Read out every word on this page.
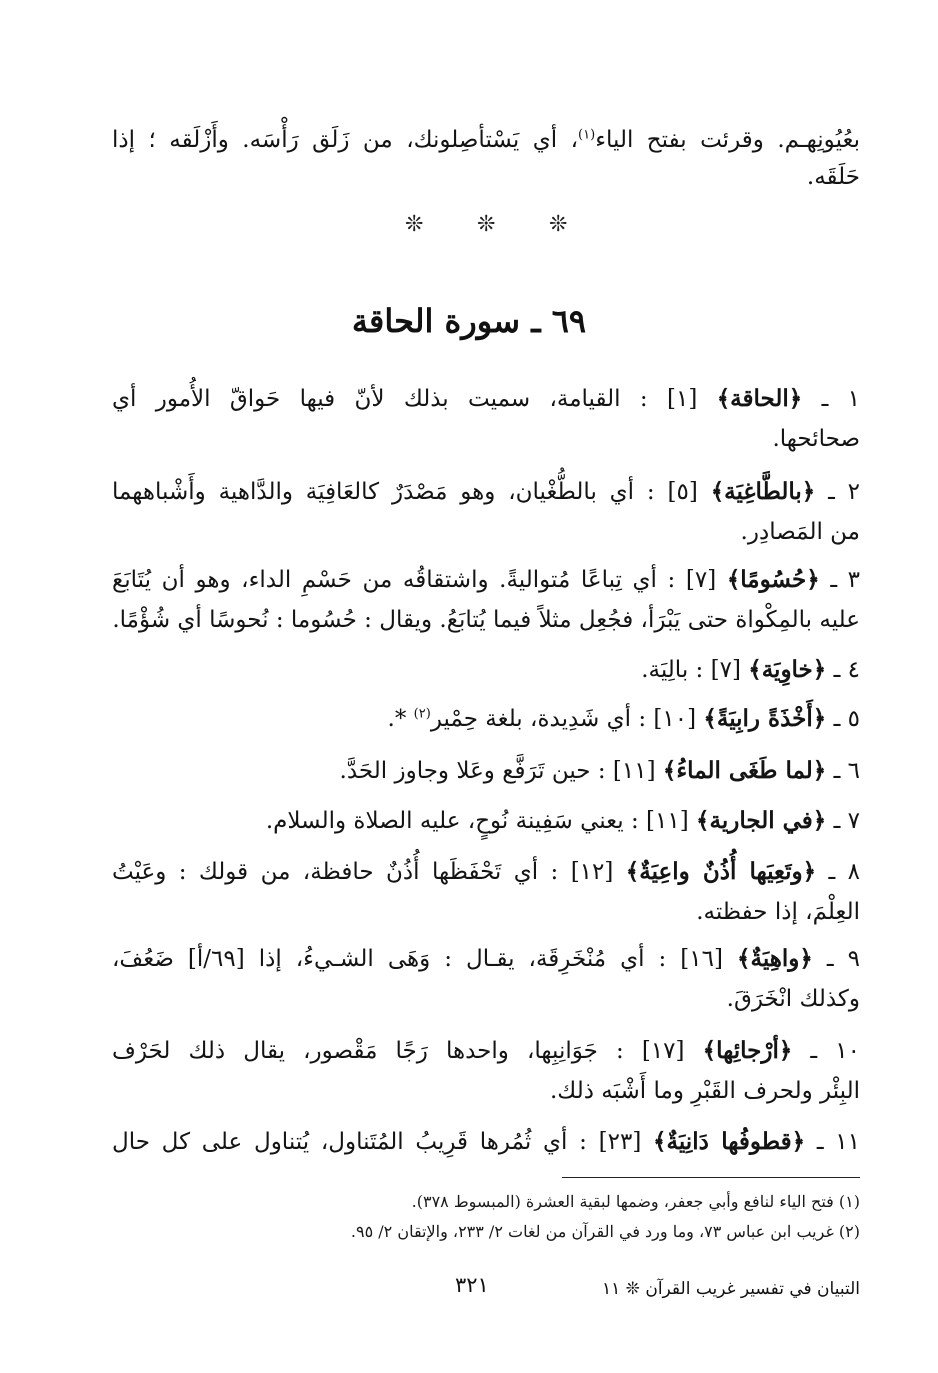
بعُيُونِهـم. وقرئت بفتح الياء$^{(١)}$، أي يَسْتأصِلونك، من زَلَق رَأْسَه. وأَزْلَقه ؛ إذا
حَلَقَه.
❊ ❊ ❊
٦٩ ـ سورة الحاقة
١ ـ ﴿الحاقة﴾ [١] : القيامة، سميت بذلك لأنّ فيها حَواقّ الأُمور أي
صحائحها.
٢ ـ ﴿بالطَّاغِيَة﴾ [٥] : أي بالطُّغْيان، وهو مَصْدَرٌ كالعَافِيَة والدَّاهية وأَشْباههما
من المَصادِر.
٣ ـ ﴿حُسُومًا﴾ [٧] : أي تِباعًا مُتواليةً. واشتقاقُه من حَسْمِ الداء، وهو أن يُتَابَعَ
عليه بالمِكْواة حتى يَبْرَأ، فجُعِل مثلاً فيما يُتابَعُ. ويقال : حُسُوما : نُحوسًا أي شُؤْمًا.
٤ ـ ﴿خاوِيَة﴾ [٧] : بالِيَة.
٥ ـ ﴿أَخْذَةً رابِيَةً﴾ [١٠] : أي شَدِيدة، بلغة حِمْير$^{(٢)}$ *.
٦ ـ ﴿لما طَغَى الماءُ﴾ [١١] : حين تَرَفَّع وعَلا وجاوز الحَدَّ.
٧ ـ ﴿في الجارية﴾ [١١] : يعني سَفِينة نُوحٍ، عليه الصلاة والسلام.
٨ ـ ﴿وتَعِيَها أُذُنٌ واعِيَةٌ﴾ [١٢] : أي تَحْفَظَها أُذُنٌ حافظة، من قولك : وعَيْتُ
العِلْمَ، إذا حفظته.
٩ ـ ﴿واهِيَةٌ﴾ [١٦] : أي مُنْخَرِقَة، يقـال : وَهَى الشـيءُ، إذا [٦٩/أ] ضَعُفَ،
وكذلك انْخَرَقَ.
١٠ ـ ﴿أرْجائِها﴾ [١٧] : جَوَانِبِها، واحدها رَجًا مَقْصور، يقال ذلك لحَرْف
البِئْر ولحرف القَبْرِ وما أَشْبَه ذلك.
١١ ـ ﴿قطوفُها دَانِيَةٌ﴾ [٢٣] : أي ثُمُرها قَرِيبُ المُتَناول، يُتناول على كل حال
(١) فتح الياء لنافع وأبي جعفر، وضمها لبقية العشرة (المبسوط ٣٧٨).
(٢) غريب ابن عباس ٧٣، وما ورد في القرآن من لغات ٢/ ٢٣٣، والإتقان ٢/ ٩٥.
٣٢١	التبيان في تفسير غريب القرآن ❊ ١١
